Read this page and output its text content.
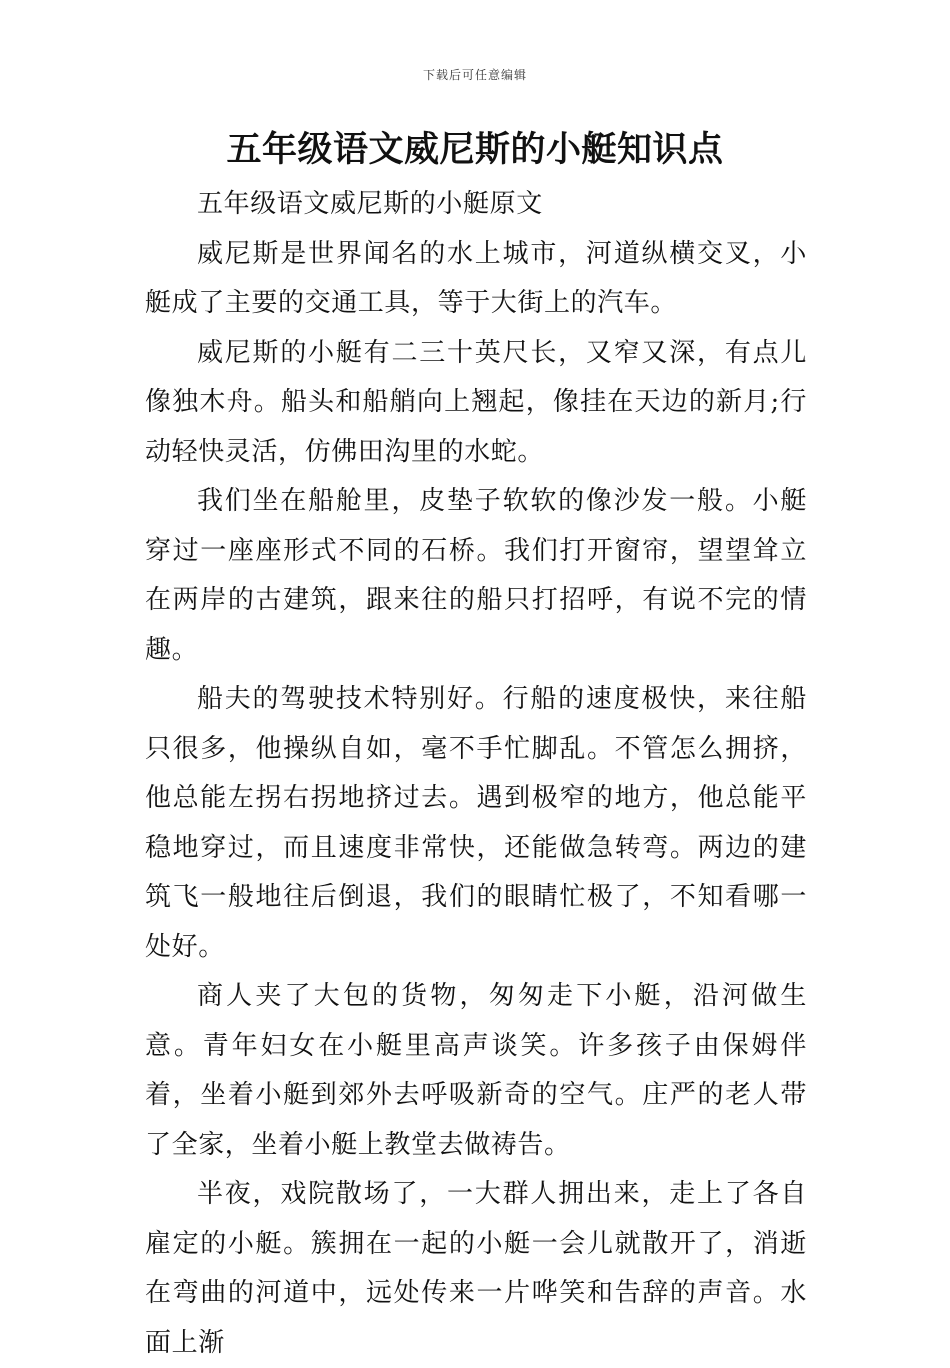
下载后可任意编辑
五年级语文威尼斯的小艇知识点

五年级语文威尼斯的小艇原文

威尼斯是世界闻名的水上城市，河道纵横交叉，小艇成了主要的交通工具，等于大街上的汽车。

威尼斯的小艇有二三十英尺长，又窄又深，有点儿像独木舟。船头和船艄向上翘起，像挂在天边的新月;行动轻快灵活，仿佛田沟里的水蛇。

我们坐在船舱里，皮垫子软软的像沙发一般。小艇穿过一座座形式不同的石桥。我们打开窗帘，望望耸立在两岸的古建筑，跟来往的船只打招呼，有说不完的情趣。

船夫的驾驶技术特别好。行船的速度极快，来往船只很多，他操纵自如，毫不手忙脚乱。不管怎么拥挤，他总能左拐右拐地挤过去。遇到极窄的地方，他总能平稳地穿过，而且速度非常快，还能做急转弯。两边的建筑飞一般地往后倒退，我们的眼睛忙极了，不知看哪一处好。

商人夹了大包的货物，匆匆走下小艇，沿河做生意。青年妇女在小艇里高声谈笑。许多孩子由保姆伴着，坐着小艇到郊外去呼吸新奇的空气。庄严的老人带了全家，坐着小艇上教堂去做祷告。

半夜，戏院散场了，一大群人拥出来，走上了各自雇定的小艇。簇拥在一起的小艇一会儿就散开了，消逝在弯曲的河道中，远处传来一片哗笑和告辞的声音。水面上渐
